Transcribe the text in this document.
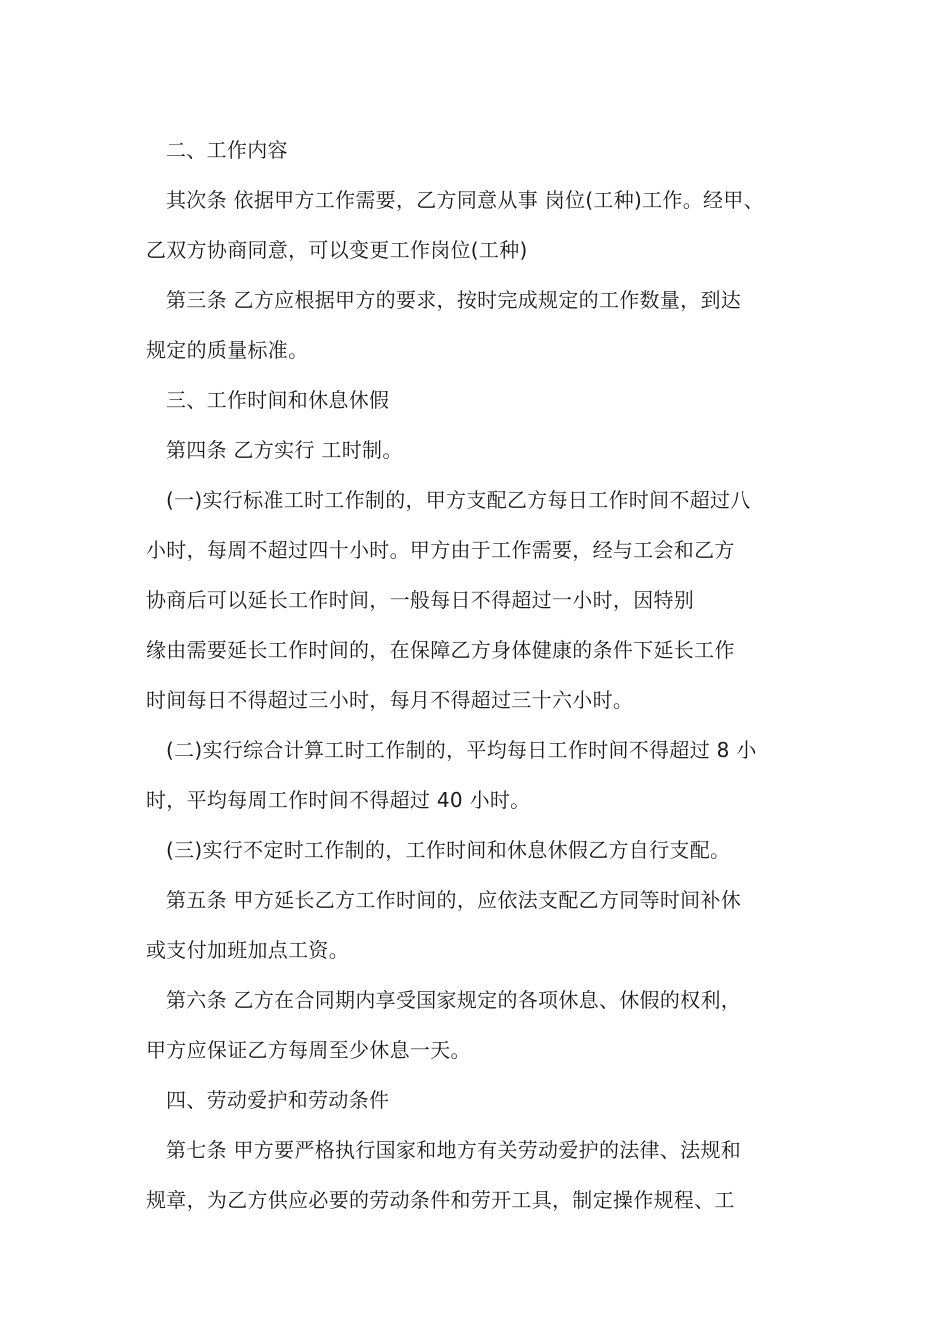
二、工作内容
其次条 依据甲方工作需要，乙方同意从事 岗位(工种)工作。经甲、
乙双方协商同意，可以变更工作岗位(工种)
第三条 乙方应根据甲方的要求，按时完成规定的工作数量，到达
规定的质量标准。
三、工作时间和休息休假
第四条 乙方实行 工时制。
(一)实行标准工时工作制的，甲方支配乙方每日工作时间不超过八
小时，每周不超过四十小时。甲方由于工作需要，经与工会和乙方
协商后可以延长工作时间，一般每日不得超过一小时，因特别
缘由需要延长工作时间的，在保障乙方身体健康的条件下延长工作
时间每日不得超过三小时，每月不得超过三十六小时。
(二)实行综合计算工时工作制的，平均每日工作时间不得超过 8 小
时，平均每周工作时间不得超过 40 小时。
(三)实行不定时工作制的，工作时间和休息休假乙方自行支配。
第五条 甲方延长乙方工作时间的，应依法支配乙方同等时间补休
或支付加班加点工资。
第六条 乙方在合同期内享受国家规定的各项休息、休假的权利，
甲方应保证乙方每周至少休息一天。
四、劳动爱护和劳动条件
第七条 甲方要严格执行国家和地方有关劳动爱护的法律、法规和
规章，为乙方供应必要的劳动条件和劳开工具，制定操作规程、工
